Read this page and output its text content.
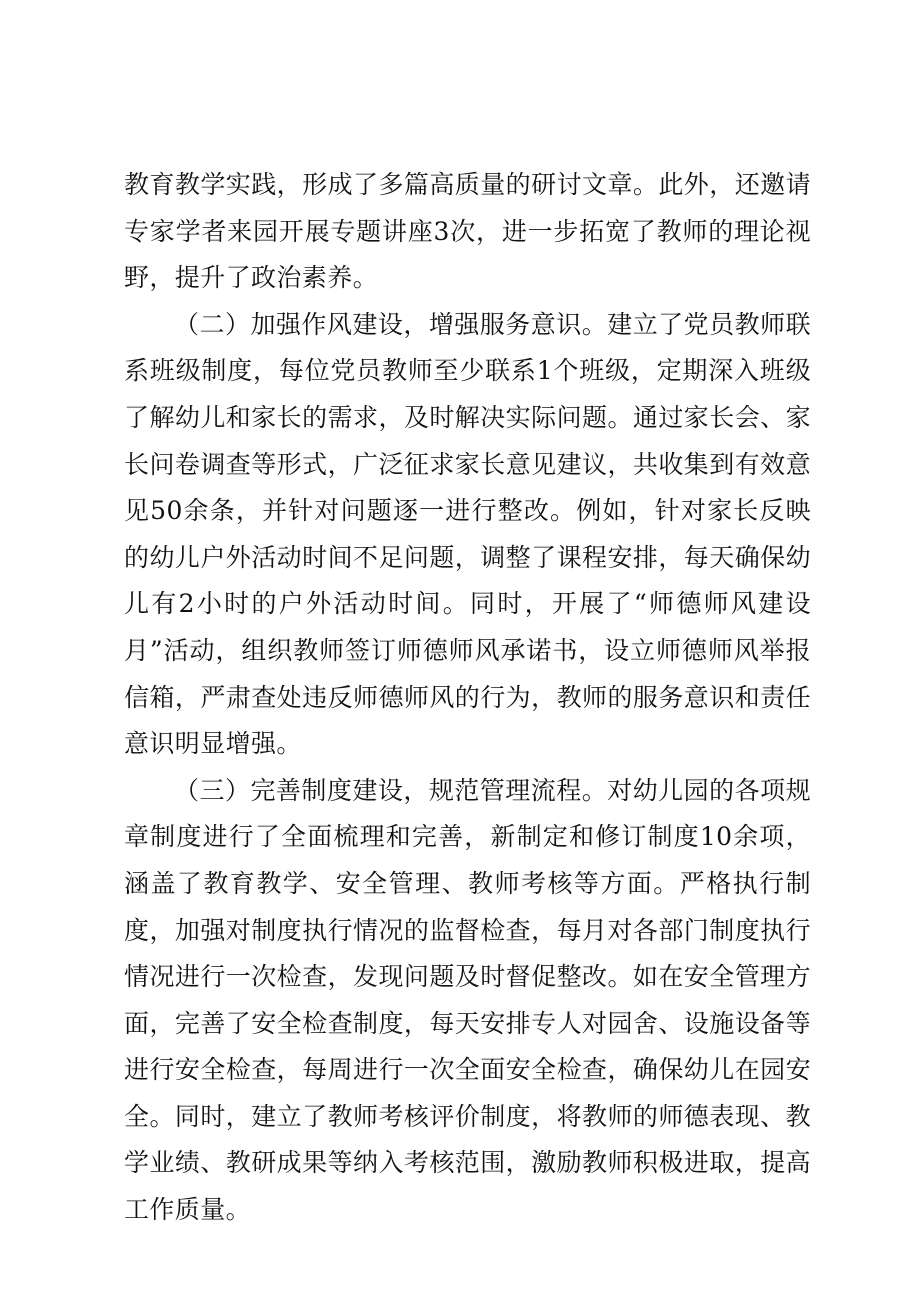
教育教学实践，形成了多篇高质量的研讨文章。此外，还邀请专家学者来园开展专题讲座3次，进一步拓宽了教师的理论视野，提升了政治素养。

（二）加强作风建设，增强服务意识。建立了党员教师联系班级制度，每位党员教师至少联系1个班级，定期深入班级了解幼儿和家长的需求，及时解决实际问题。通过家长会、家长问卷调查等形式，广泛征求家长意见建议，共收集到有效意见50余条，并针对问题逐一进行整改。例如，针对家长反映的幼儿户外活动时间不足问题，调整了课程安排，每天确保幼儿有2小时的户外活动时间。同时，开展了“师德师风建设月”活动，组织教师签订师德师风承诺书，设立师德师风举报信箱，严肃查处违反师德师风的行为，教师的服务意识和责任意识明显增强。

（三）完善制度建设，规范管理流程。对幼儿园的各项规章制度进行了全面梳理和完善，新制定和修订制度10余项，涵盖了教育教学、安全管理、教师考核等方面。严格执行制度，加强对制度执行情况的监督检查，每月对各部门制度执行情况进行一次检查，发现问题及时督促整改。如在安全管理方面，完善了安全检查制度，每天安排专人对园舍、设施设备等进行安全检查，每周进行一次全面安全检查，确保幼儿在园安全。同时，建立了教师考核评价制度，将教师的师德表现、教学业绩、教研成果等纳入考核范围，激励教师积极进取，提高工作质量。
